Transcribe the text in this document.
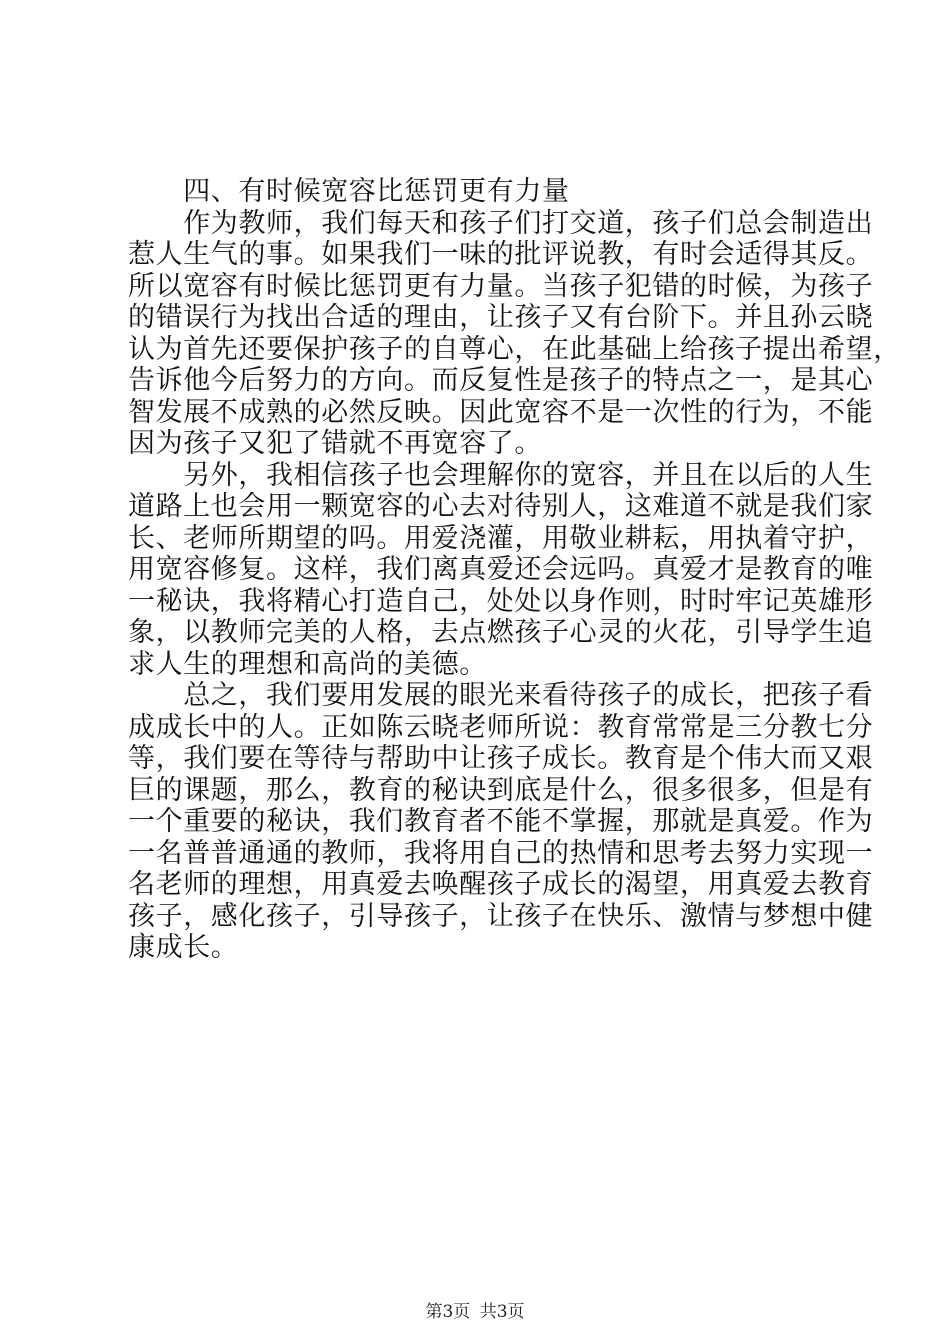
　　四、有时候宽容比惩罚更有力量
　　作为教师，我们每天和孩子们打交道，孩子们总会制造出
惹人生气的事。如果我们一味的批评说教，有时会适得其反。
所以宽容有时候比惩罚更有力量。当孩子犯错的时候，为孩子
的错误行为找出合适的理由，让孩子又有台阶下。并且孙云晓
认为首先还要保护孩子的自尊心，在此基础上给孩子提出希望，
告诉他今后努力的方向。而反复性是孩子的特点之一，是其心
智发展不成熟的必然反映。因此宽容不是一次性的行为，不能
因为孩子又犯了错就不再宽容了。
　　另外，我相信孩子也会理解你的宽容，并且在以后的人生
道路上也会用一颗宽容的心去对待别人，这难道不就是我们家
长、老师所期望的吗。用爱浇灌，用敬业耕耘，用执着守护，
用宽容修复。这样，我们离真爱还会远吗。真爱才是教育的唯
一秘诀，我将精心打造自己，处处以身作则，时时牢记英雄形
象，以教师完美的人格，去点燃孩子心灵的火花，引导学生追
求人生的理想和高尚的美德。
　　总之，我们要用发展的眼光来看待孩子的成长，把孩子看
成成长中的人。正如陈云晓老师所说：教育常常是三分教七分
等，我们要在等待与帮助中让孩子成长。教育是个伟大而又艰
巨的课题，那么，教育的秘诀到底是什么，很多很多，但是有
一个重要的秘诀，我们教育者不能不掌握，那就是真爱。作为
一名普普通通的教师，我将用自己的热情和思考去努力实现一
名老师的理想，用真爱去唤醒孩子成长的渴望，用真爱去教育
孩子，感化孩子，引导孩子，让孩子在快乐、激情与梦想中健
康成长。
第3页 共3页
